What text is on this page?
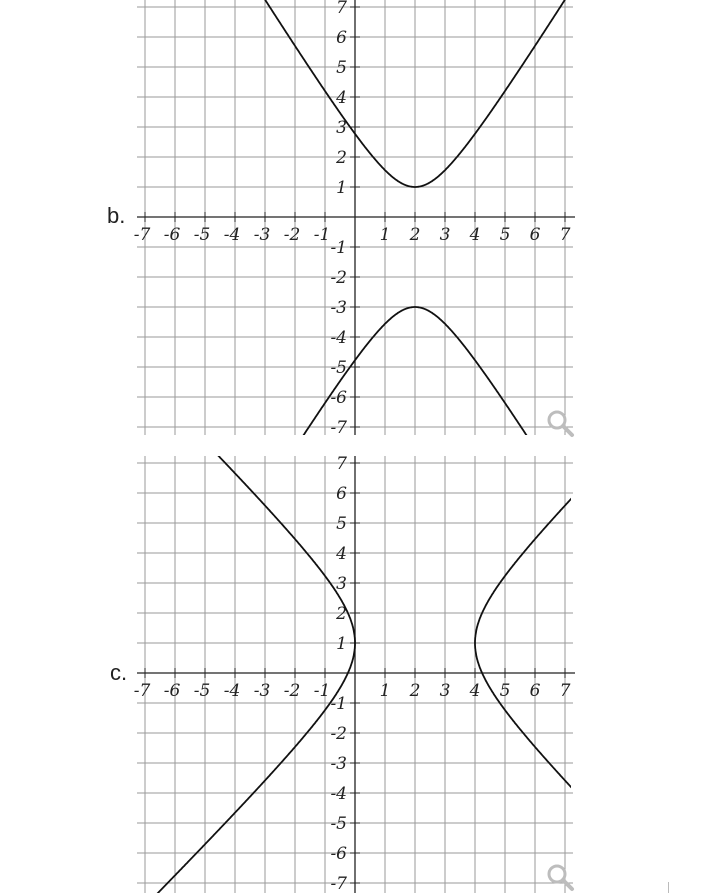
b.
-7 -6 -5 -4 -3 -2 -1	1 2 3 4 5 6 7
-7
-6
-5
-4
-3
-2
-1
1
2
3
4
5
6
7
c.
-7 -6 -5 -4 -3 -2 -1	1 2 3 4 5 6 7
-7
-6
-5
-4
-3
-2
-1
1
2
3
4
5
6
7
